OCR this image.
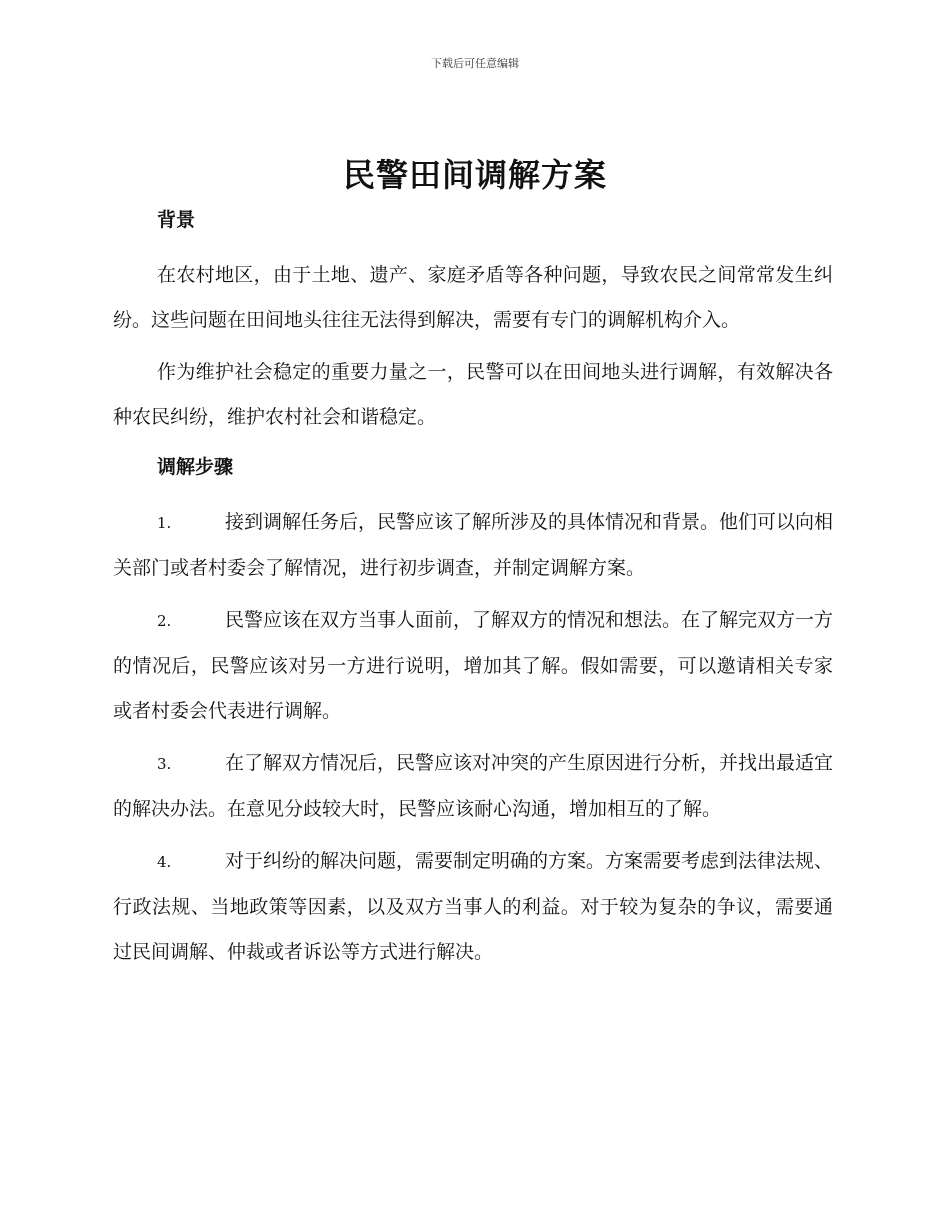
下载后可任意编辑
民警田间调解方案

背景

在农村地区，由于土地、遗产、家庭矛盾等各种问题，导致农民之间常常发生纠纷。这些问题在田间地头往往无法得到解决，需要有专门的调解机构介入。

作为维护社会稳定的重要力量之一，民警可以在田间地头进行调解，有效解决各种农民纠纷，维护农村社会和谐稳定。

调解步骤

1.	接到调解任务后，民警应该了解所涉及的具体情况和背景。他们可以向相关部门或者村委会了解情况，进行初步调查，并制定调解方案。

2.	民警应该在双方当事人面前，了解双方的情况和想法。在了解完双方一方的情况后，民警应该对另一方进行说明，增加其了解。假如需要，可以邀请相关专家或者村委会代表进行调解。

3.	在了解双方情况后，民警应该对冲突的产生原因进行分析，并找出最适宜的解决办法。在意见分歧较大时，民警应该耐心沟通，增加相互的了解。

4.	对于纠纷的解决问题，需要制定明确的方案。方案需要考虑到法律法规、行政法规、当地政策等因素，以及双方当事人的利益。对于较为复杂的争议，需要通过民间调解、仲裁或者诉讼等方式进行解决。
